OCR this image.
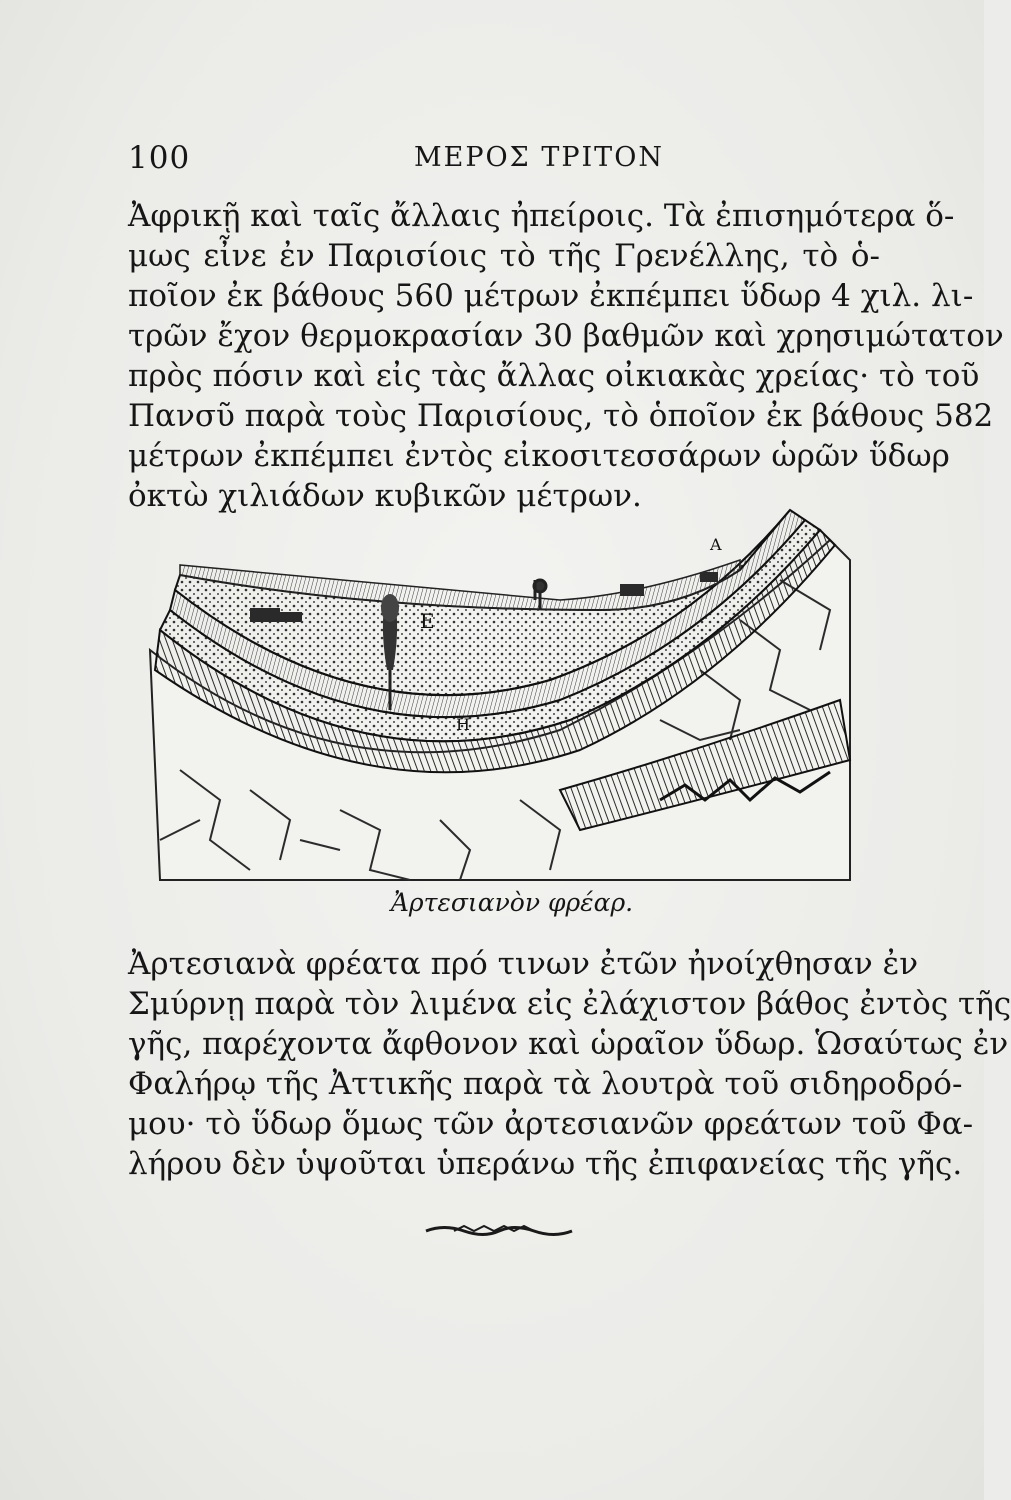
100	ΜΕΡΟΣ ΤΡΙΤΟΝ
Ἀφρικῇ καὶ ταῖς ἄλλαις ἠπείροις. Τὰ ἐπισημότερα ὅ-
μως εἶνε ἐν Παρισίοις τὸ τῆς Γρενέλλης, τὸ ὁ-
ποῖον ἐκ βάθους 560 μέτρων ἐκπέμπει ὕδωρ 4 χιλ. λι-
τρῶν ἔχον θερμοκρασίαν 30 βαθμῶν καὶ χρησιμώτατον
πρὸς πόσιν καὶ εἰς τὰς ἄλλας οἰκιακὰς χρείας· τὸ τοῦ
Πανσῦ παρὰ τοὺς Παρισίους, τὸ ὁποῖον ἐκ βάθους 582
μέτρων ἐκπέμπει ἐντὸς εἰκοσιτεσσάρων ὡρῶν ὕδωρ
ὀκτὼ χιλιάδων κυβικῶν μέτρων.
E
H
A
Ἀρτεσιανὸν φρέαρ.
Ἀρτεσιανὰ φρέατα πρό τινων ἐτῶν ἠνοίχθησαν ἐν
Σμύρνῃ παρὰ τὸν λιμένα εἰς ἐλάχιστον βάθος ἐντὸς τῆς
γῆς, παρέχοντα ἄφθονον καὶ ὡραῖον ὕδωρ. Ὡσαύτως ἐν
Φαλήρῳ τῆς Ἀττικῆς παρὰ τὰ λουτρὰ τοῦ σιδηροδρό-
μου· τὸ ὕδωρ ὅμως τῶν ἀρτεσιανῶν φρεάτων τοῦ Φα-
λήρου δὲν ὑψοῦται ὑπεράνω τῆς ἐπιφανείας τῆς γῆς.
